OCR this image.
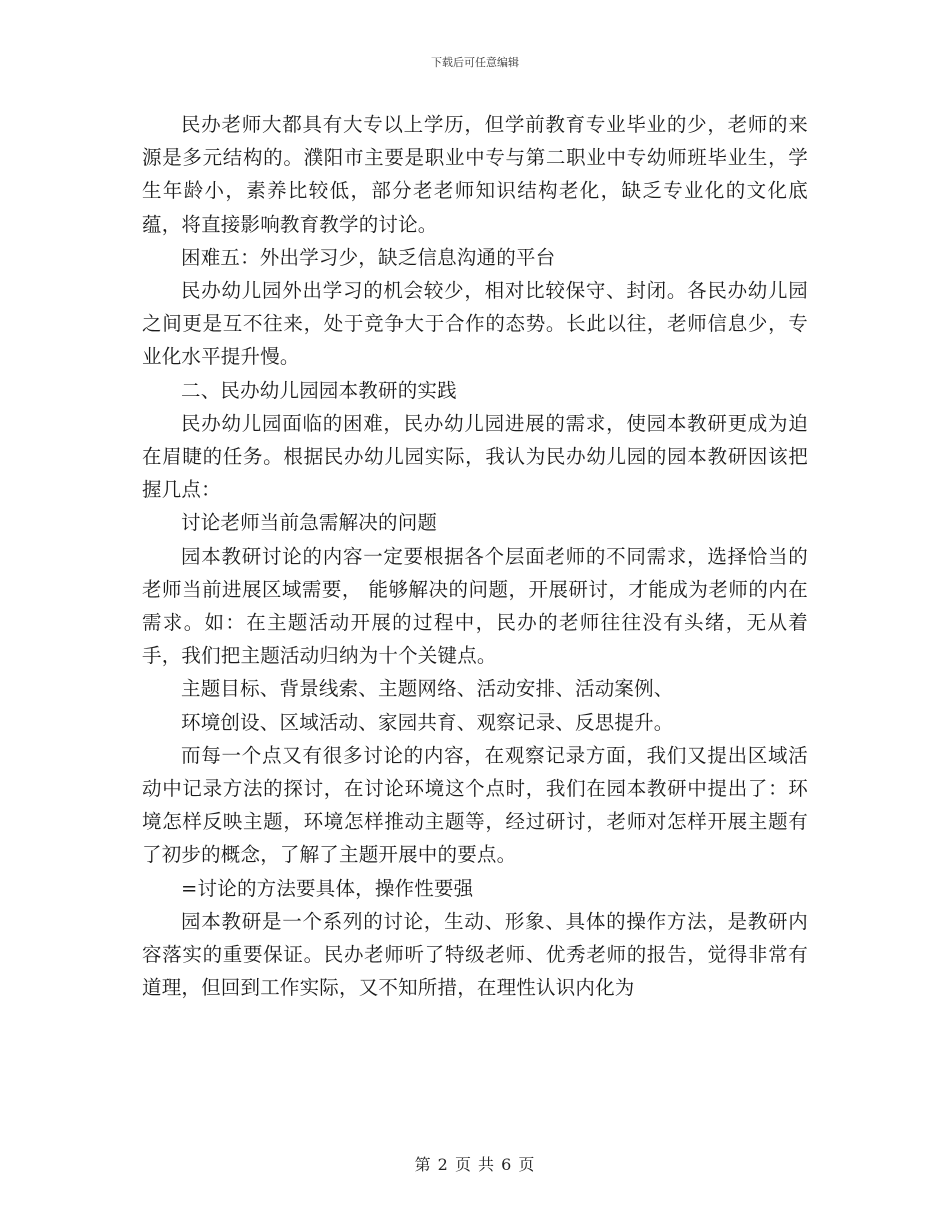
下载后可任意编辑

民办老师大都具有大专以上学历，但学前教育专业毕业的少，老师的来源是多元结构的。濮阳市主要是职业中专与第二职业中专幼师班毕业生，学生年龄小，素养比较低，部分老老师知识结构老化，缺乏专业化的文化底蕴，将直接影响教育教学的讨论。

困难五：外出学习少，缺乏信息沟通的平台

民办幼儿园外出学习的机会较少，相对比较保守、封闭。各民办幼儿园之间更是互不往来，处于竞争大于合作的态势。长此以往，老师信息少，专业化水平提升慢。

二、民办幼儿园园本教研的实践

民办幼儿园面临的困难，民办幼儿园进展的需求，使园本教研更成为迫在眉睫的任务。根据民办幼儿园实际，我认为民办幼儿园的园本教研因该把握几点：

讨论老师当前急需解决的问题

园本教研讨论的内容一定要根据各个层面老师的不同需求，选择恰当的老师当前进展区域需要， 能够解决的问题，开展研讨，才能成为老师的内在需求。如：在主题活动开展的过程中，民办的老师往往没有头绪，无从着手，我们把主题活动归纳为十个关键点。

主题目标、背景线索、主题网络、活动安排、活动案例、

环境创设、区域活动、家园共育、观察记录、反思提升。

而每一个点又有很多讨论的内容，在观察记录方面，我们又提出区域活动中记录方法的探讨，在讨论环境这个点时，我们在园本教研中提出了：环境怎样反映主题，环境怎样推动主题等，经过研讨，老师对怎样开展主题有了初步的概念，了解了主题开展中的要点。

=讨论的方法要具体，操作性要强

园本教研是一个系列的讨论，生动、形象、具体的操作方法，是教研内容落实的重要保证。民办老师听了特级老师、优秀老师的报告，觉得非常有道理，但回到工作实际，又不知所措，在理性认识内化为

第 2 页 共 6 页
